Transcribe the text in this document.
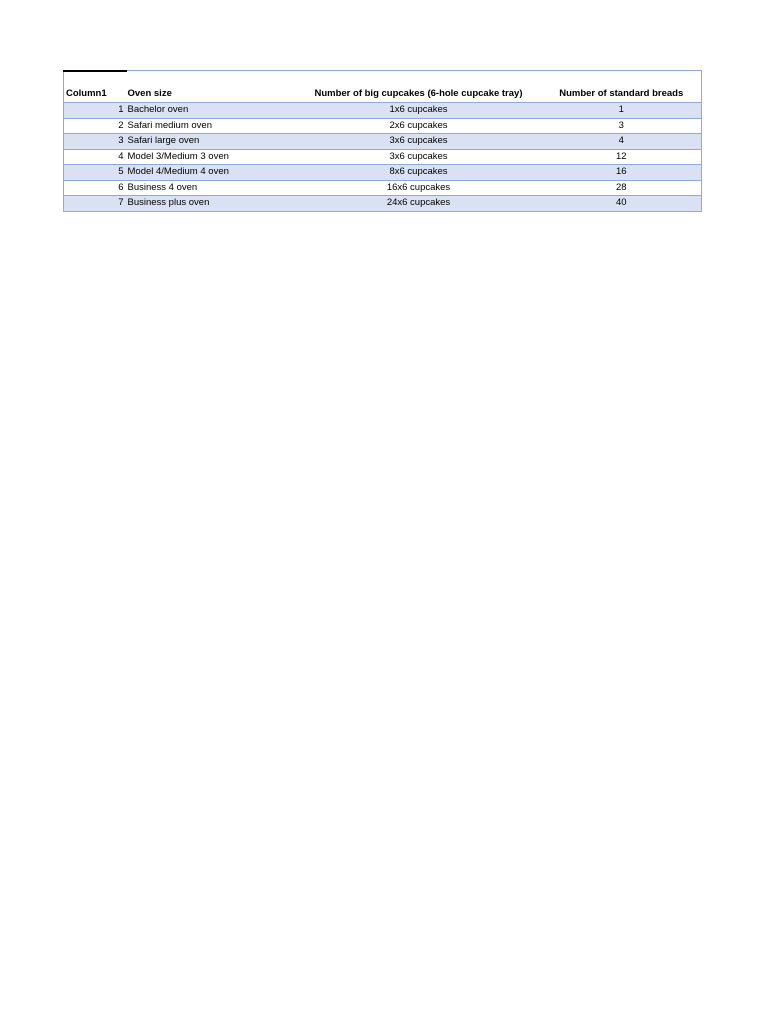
Column1	Oven size	Number of big cupcakes (6-hole cupcake tray)	Number of standard breads
1	Bachelor oven	1x6 cupcakes	1
2	Safari medium oven	2x6 cupcakes	3
3	Safari large oven	3x6 cupcakes	4
4	Model 3/Medium 3 oven	3x6 cupcakes	12
5	Model 4/Medium 4 oven	8x6 cupcakes	16
6	Business 4 oven	16x6 cupcakes	28
7	Business plus oven	24x6 cupcakes	40
